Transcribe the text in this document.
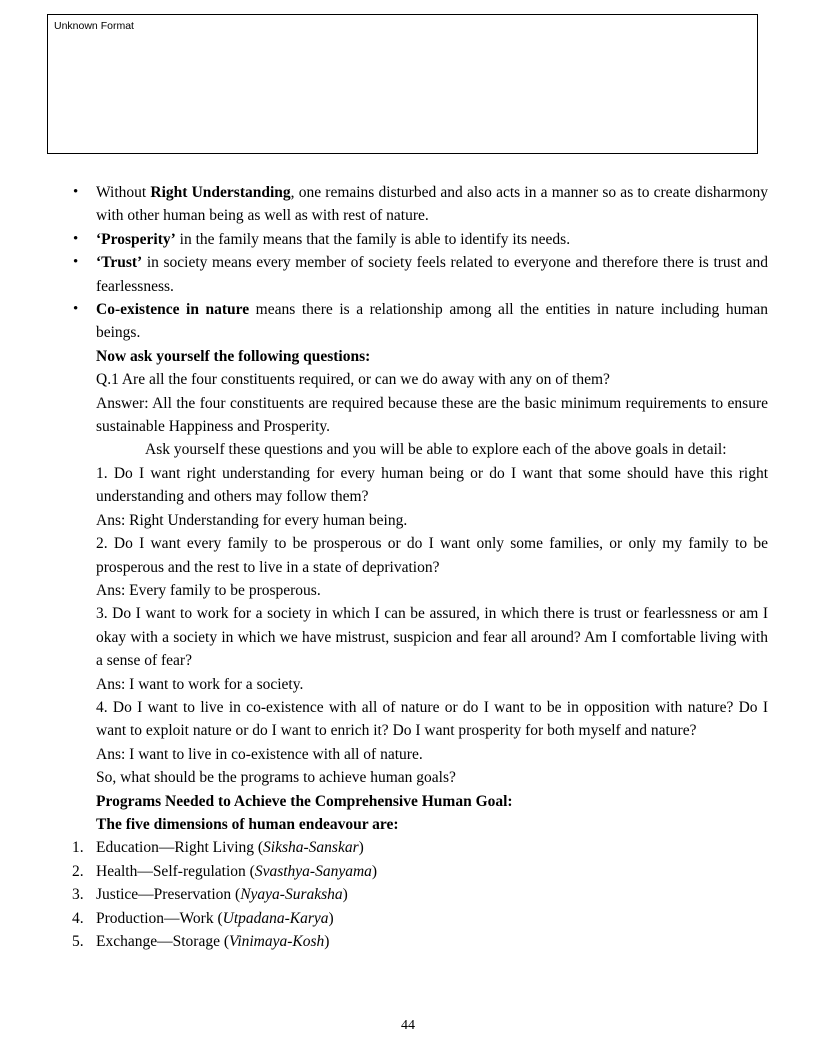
Unknown Format
• Without Right Understanding, one remains disturbed and also acts in a manner so as to create disharmony with other human being as well as with rest of nature.
• ‘Prosperity’ in the family means that the family is able to identify its needs.
• ‘Trust’ in society means every member of society feels related to everyone and therefore there is trust and fearlessness.
• Co-existence in nature means there is a relationship among all the entities in nature including human beings.
Now ask yourself the following questions:
Q.1 Are all the four constituents required, or can we do away with any on of them?
Answer: All the four constituents are required because these are the basic minimum requirements to ensure sustainable Happiness and Prosperity.
Ask yourself these questions and you will be able to explore each of the above goals in detail:
1. Do I want right understanding for every human being or do I want that some should have this right understanding and others may follow them?
Ans: Right Understanding for every human being.
2. Do I want every family to be prosperous or do I want only some families, or only my family to be prosperous and the rest to live in a state of deprivation?
Ans: Every family to be prosperous.
3. Do I want to work for a society in which I can be assured, in which there is trust or fearlessness or am I okay with a society in which we have mistrust, suspicion and fear all around? Am I comfortable living with a sense of fear?
Ans: I want to work for a society.
4. Do I want to live in co-existence with all of nature or do I want to be in opposition with nature? Do I want to exploit nature or do I want to enrich it? Do I want prosperity for both myself and nature?
Ans: I want to live in co-existence with all of nature.
So, what should be the programs to achieve human goals?
Programs Needed to Achieve the Comprehensive Human Goal:
The five dimensions of human endeavour are:
1. Education—Right Living (Siksha-Sanskar)
2. Health—Self-regulation (Svasthya-Sanyama)
3. Justice—Preservation (Nyaya-Suraksha)
4. Production—Work (Utpadana-Karya)
5. Exchange—Storage (Vinimaya-Kosh)
44
